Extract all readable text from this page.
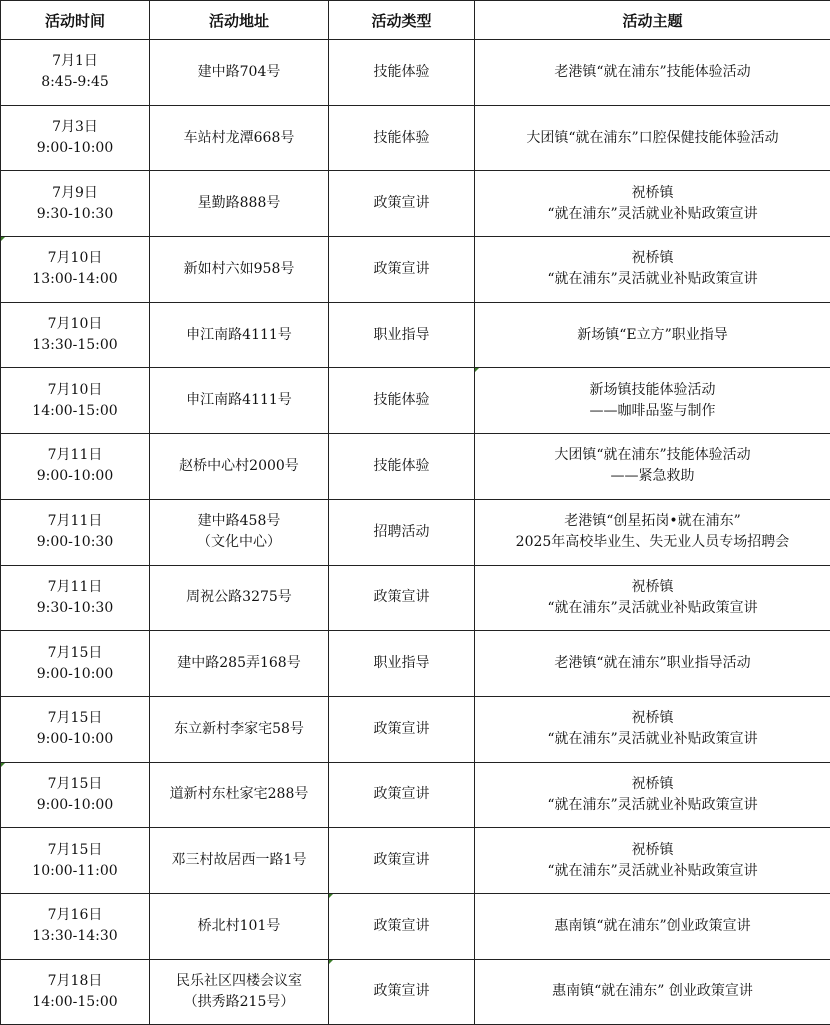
活动时间	活动地址	活动类型	活动主题

7月1日
8:45-9:45	建中路704号	技能体验	老港镇“就在浦东”技能体验活动

7月3日
9:00-10:00	车站村龙潭668号	技能体验	大团镇“就在浦东”口腔保健技能体验活动

7月9日
9:30-10:30	星勤路888号	政策宣讲	祝桥镇
“就在浦东”灵活就业补贴政策宣讲

7月10日
13:00-14:00	新如村六如958号	政策宣讲	祝桥镇
“就在浦东”灵活就业补贴政策宣讲

7月10日
13:30-15:00	申江南路4111号	职业指导	新场镇“E立方”职业指导

7月10日
14:00-15:00	申江南路4111号	技能体验	新场镇技能体验活动
——咖啡品鉴与制作

7月11日
9:00-10:00	赵桥中心村2000号	技能体验	大团镇“就在浦东”技能体验活动
——紧急救助

7月11日
9:00-10:30	建中路458号
（文化中心）	招聘活动	老港镇“创星拓岗•就在浦东”
2025年高校毕业生、失无业人员专场招聘会

7月11日
9:30-10:30	周祝公路3275号	政策宣讲	祝桥镇
“就在浦东”灵活就业补贴政策宣讲

7月15日
9:00-10:00	建中路285弄168号	职业指导	老港镇“就在浦东”职业指导活动

7月15日
9:00-10:00	东立新村李家宅58号	政策宣讲	祝桥镇
“就在浦东”灵活就业补贴政策宣讲

7月15日
9:00-10:00	道新村东杜家宅288号	政策宣讲	祝桥镇
“就在浦东”灵活就业补贴政策宣讲

7月15日
10:00-11:00	邓三村故居西一路1号	政策宣讲	祝桥镇
“就在浦东”灵活就业补贴政策宣讲

7月16日
13:30-14:30	桥北村101号	政策宣讲	惠南镇“就在浦东”创业政策宣讲

7月18日
14:00-15:00	民乐社区四楼会议室
（拱秀路215号）	政策宣讲	惠南镇“就在浦东” 创业政策宣讲
